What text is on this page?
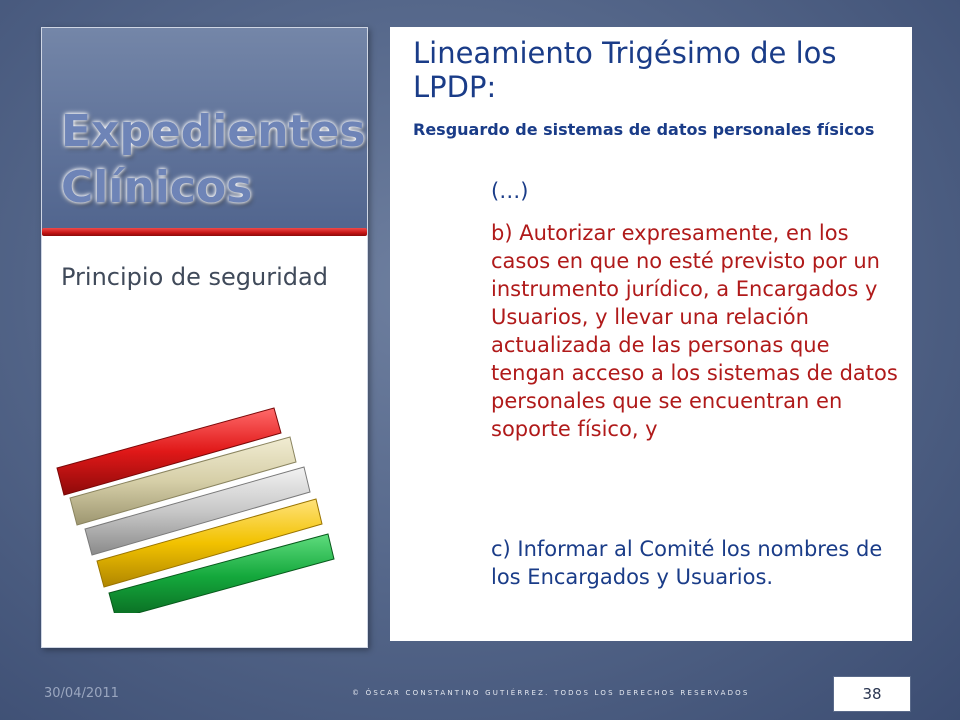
Expedientes
Clínicos
Principio de seguridad
Lineamiento Trigésimo de los LPDP:
Resguardo de sistemas de datos personales físicos
(…)
b) Autorizar expresamente, en los casos en que no esté previsto por un instrumento jurídico, a Encargados y Usuarios, y llevar una relación actualizada de las personas que tengan acceso a los sistemas de datos personales que se encuentran en soporte físico, y
c) Informar al Comité los nombres de los Encargados y Usuarios.
30/04/2011	© ÓSCAR CONSTANTINO GUTIÉRREZ. TODOS LOS DERECHOS RESERVADOS	38
